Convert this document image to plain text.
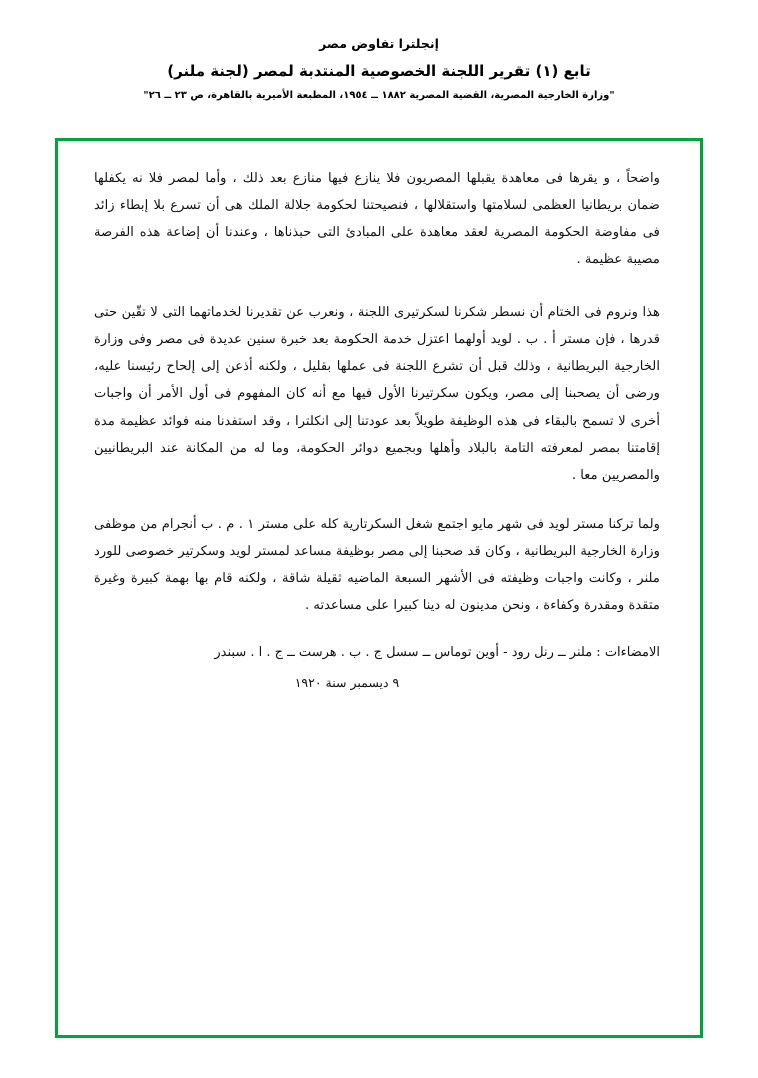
إنجلترا تفاوض مصر
تابع (١) تقرير اللجنة الخصوصية المنتدبة لمصر (لجنة ملنر)
"وزارة الخارجية المصرية، القضية المصرية ١٨٨٢ ــ ١٩٥٤، المطبعة الأميرية بالقاهرة، ص ٢٣ ــ ٢٦"

واضحاً ، و يقرها فى معاهدة يقبلها المصريون فلا ينازع فيها منازع بعد ذلك ، وأما لمصر فلا نه يكفلها ضمان بريطانيا العظمى لسلامتها واستقلالها ، فنصيحتنا لحكومة جلالة الملك هى أن تسرع بلا إبطاء زائد فى مفاوضة الحكومة المصرية لعقد معاهدة على المبادئ التى حبذناها ، وعندنا أن إضاعة هذه الفرصة مصيبة عظيمة .

هذا ونروم فى الختام أن نسطر شكرنا لسكرتيرى اللجنة ، ونعرب عن تقديرنا لخدماتهما التى لا تقّين حتى قدرها ، فإن مستر أ . ب . لويد أولهما اعتزل خدمة الحكومة بعد خبرة سنين عديدة فى مصر وفى وزارة الخارجية البريطانية ، وذلك قبل أن تشرع اللجنة فى عملها بقليل ، ولكنه أذعن إلى إلحاح رئيسنا عليه، ورضى أن يصحبنا إلى مصر، ويكون سكرتيرنا الأول فيها مع أنه كان المفهوم فى أول الأمر أن واجبات أخرى لا تسمح بالبقاء فى هذه الوظيفة طويلاً بعد عودتنا إلى انكلترا ، وقد استفدنا منه فوائد عظيمة مدة إقامتنا بمصر لمعرفته التامة بالبلاد وأهلها وبجميع دوائر الحكومة، وما له من المكانة عند البريطانيين والمصريين معا .

ولما تركنا مستر لويد فى شهر مايو اجتمع شغل السكرتارية كله على مستر ١ . م . ب أنجرام من موظفى وزارة الخارجية البريطانية ، وكان قد صحبنا إلى مصر بوظيفة مساعد لمستر لويد وسكرتير خصوصى للورد ملنر ، وكانت واجبات وظيفته فى الأشهر السبعة الماضيه ثقيلة شاقة ، ولكنه قام بها بهمة كبيرة وغيرة متقدة ومقدرة وكفاءة ، ونحن مدينون له دينا كبيرا على مساعدته .

الامضاءات : ملنر ــ رنل رود - أوين توماس ــ سسل ج . ب . هرست ــ ج . ا . سبندر

٩ ديسمبر سنة ١٩٢٠
